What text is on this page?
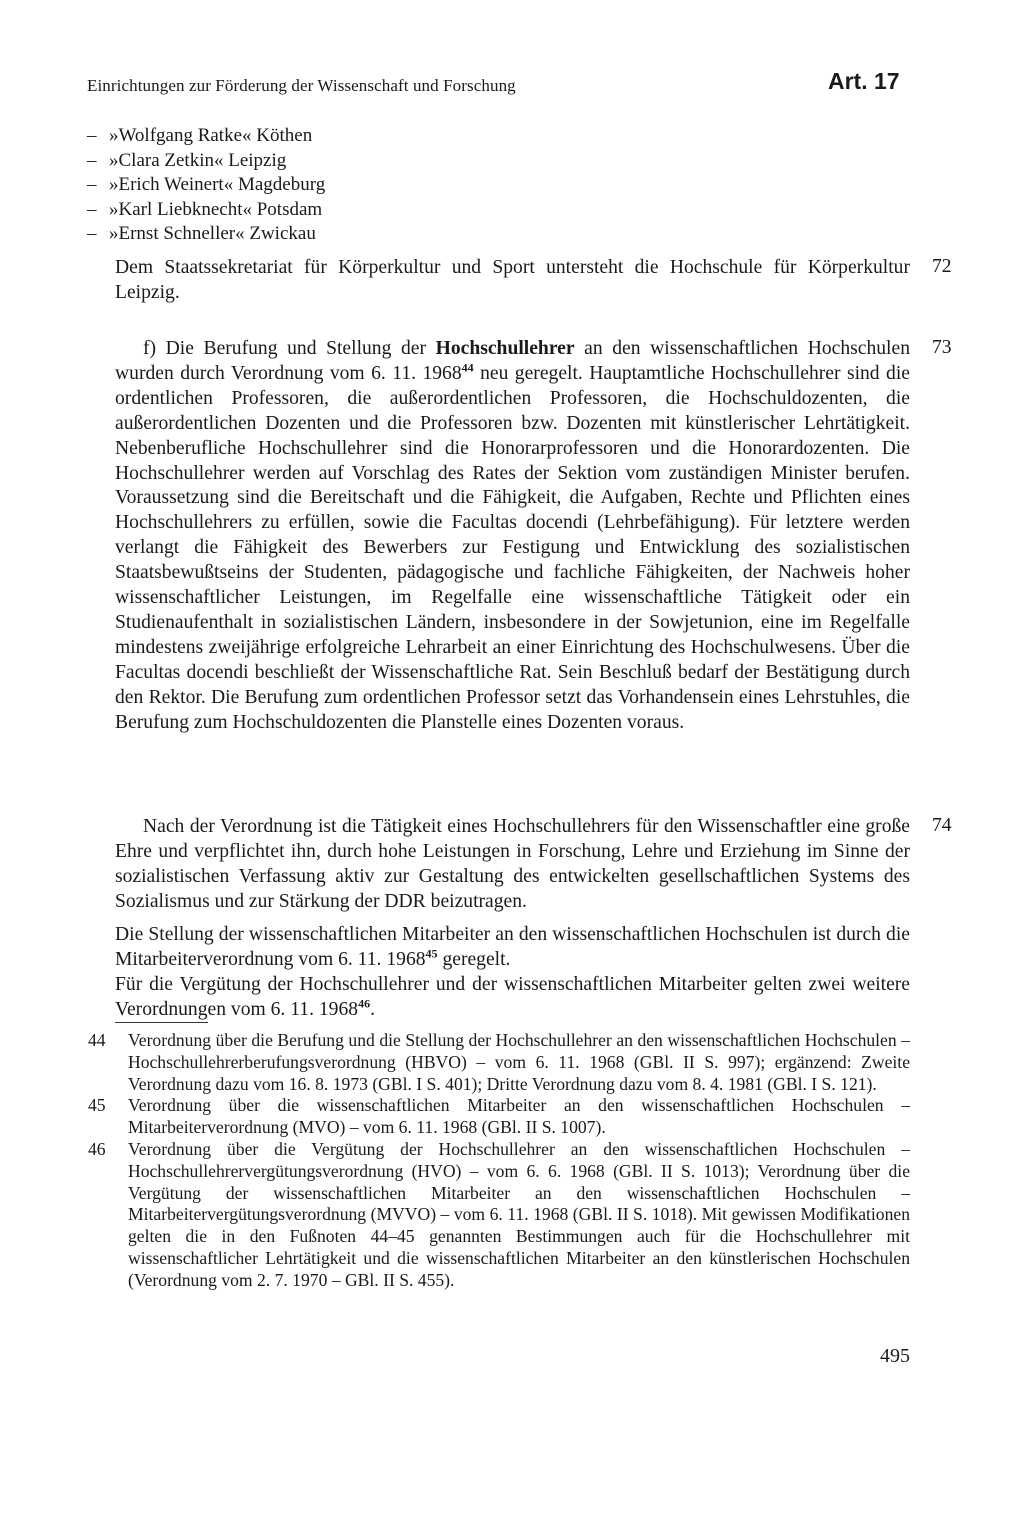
Einrichtungen zur Förderung der Wissenschaft und Forschung	Art. 17
– »Wolfgang Ratke« Köthen
– »Clara Zetkin« Leipzig
– »Erich Weinert« Magdeburg
– »Karl Liebknecht« Potsdam
– »Ernst Schneller« Zwickau
Dem Staatssekretariat für Körperkultur und Sport untersteht die Hochschule für Körperkultur Leipzig.
72
f) Die Berufung und Stellung der Hochschullehrer an den wissenschaftlichen Hochschulen wurden durch Verordnung vom 6. 11. 1968$^{44}$ neu geregelt. Hauptamtliche Hochschullehrer sind die ordentlichen Professoren, die außerordentlichen Professoren, die Hochschuldozenten, die außerordentlichen Dozenten und die Professoren bzw. Dozenten mit künstlerischer Lehrtätigkeit. Nebenberufliche Hochschullehrer sind die Honorarprofessoren und die Honorardozenten. Die Hochschullehrer werden auf Vorschlag des Rates der Sektion vom zuständigen Minister berufen. Voraussetzung sind die Bereitschaft und die Fähigkeit, die Aufgaben, Rechte und Pflichten eines Hochschullehrers zu erfüllen, sowie die Facultas docendi (Lehrbefähigung). Für letztere werden verlangt die Fähigkeit des Bewerbers zur Festigung und Entwicklung des sozialistischen Staatsbewußtseins der Studenten, pädagogische und fachliche Fähigkeiten, der Nachweis hoher wissenschaftlicher Leistungen, im Regelfalle eine wissenschaftliche Tätigkeit oder ein Studienaufenthalt in sozialistischen Ländern, insbesondere in der Sowjetunion, eine im Regelfalle mindestens zweijährige erfolgreiche Lehrarbeit an einer Einrichtung des Hochschulwesens. Über die Facultas docendi beschließt der Wissenschaftliche Rat. Sein Beschluß bedarf der Bestätigung durch den Rektor. Die Berufung zum ordentlichen Professor setzt das Vorhandensein eines Lehrstuhles, die Berufung zum Hochschuldozenten die Planstelle eines Dozenten voraus.
73
Nach der Verordnung ist die Tätigkeit eines Hochschullehrers für den Wissenschaftler eine große Ehre und verpflichtet ihn, durch hohe Leistungen in Forschung, Lehre und Erziehung im Sinne der sozialistischen Verfassung aktiv zur Gestaltung des entwickelten gesellschaftlichen Systems des Sozialismus und zur Stärkung der DDR beizutragen.
74
Die Stellung der wissenschaftlichen Mitarbeiter an den wissenschaftlichen Hochschulen ist durch die Mitarbeiterverordnung vom 6. 11. 1968$^{45}$ geregelt.
Für die Vergütung der Hochschullehrer und der wissenschaftlichen Mitarbeiter gelten zwei weitere Verordnungen vom 6. 11. 1968$^{46}$.
44	Verordnung über die Berufung und die Stellung der Hochschullehrer an den wissenschaftlichen Hochschulen – Hochschullehrerberufungsverordnung (HBVO) – vom 6. 11. 1968 (GBl. II S. 997); ergänzend: Zweite Verordnung dazu vom 16. 8. 1973 (GBl. I S. 401); Dritte Verordnung dazu vom 8. 4. 1981 (GBl. I S. 121).
45	Verordnung über die wissenschaftlichen Mitarbeiter an den wissenschaftlichen Hochschulen – Mitarbeiterverordnung (MVO) – vom 6. 11. 1968 (GBl. II S. 1007).
46	Verordnung über die Vergütung der Hochschullehrer an den wissenschaftlichen Hochschulen – Hochschullehrervergütungsverordnung (HVO) – vom 6. 6. 1968 (GBl. II S. 1013); Verordnung über die Vergütung der wissenschaftlichen Mitarbeiter an den wissenschaftlichen Hochschulen – Mitarbeitervergütungsverordnung (MVVO) – vom 6. 11. 1968 (GBl. II S. 1018). Mit gewissen Modifikationen gelten die in den Fußnoten 44–45 genannten Bestimmungen auch für die Hochschullehrer mit wissenschaftlicher Lehrtätigkeit und die wissenschaftlichen Mitarbeiter an den künstlerischen Hochschulen (Verordnung vom 2. 7. 1970 – GBl. II S. 455).
495
